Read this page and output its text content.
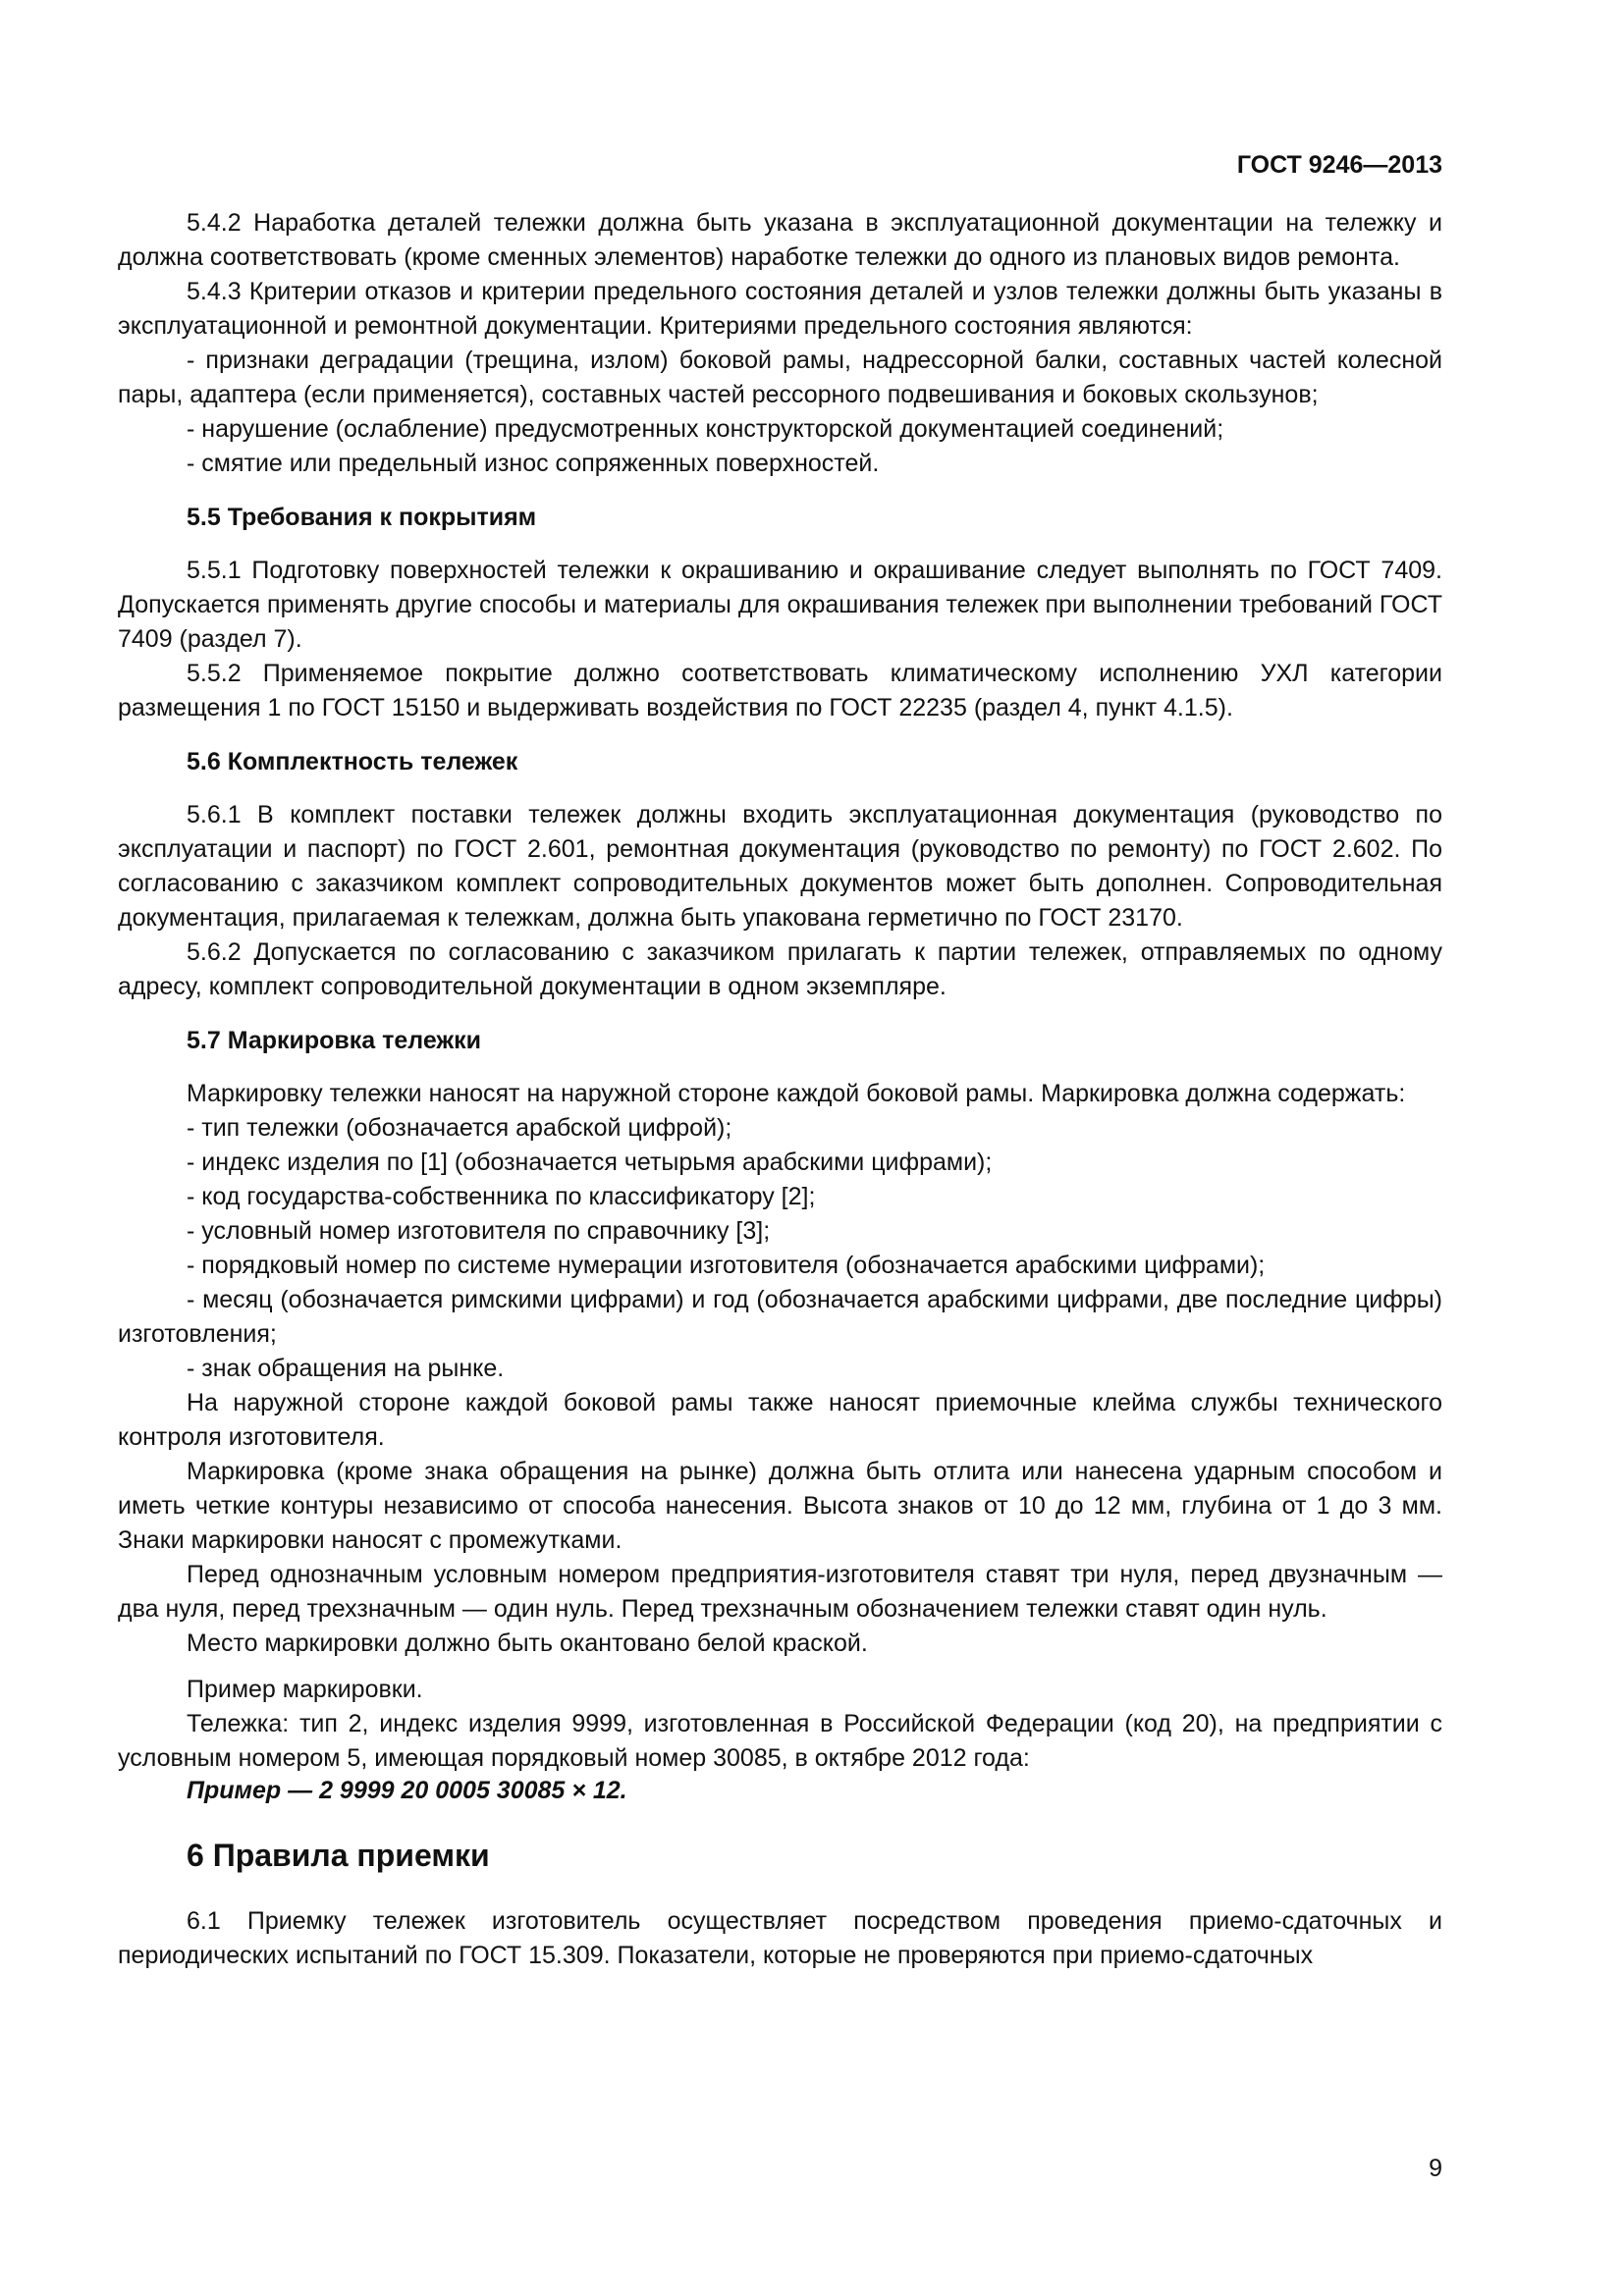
ГОСТ 9246—2013

5.4.2 Наработка деталей тележки должна быть указана в эксплуатационной документации на тележку и должна соответствовать (кроме сменных элементов) наработке тележки до одного из плановых видов ремонта.

5.4.3 Критерии отказов и критерии предельного состояния деталей и узлов тележки должны быть указаны в эксплуатационной и ремонтной документации. Критериями предельного состояния являются:

- признаки деградации (трещина, излом) боковой рамы, надрессорной балки, составных частей колесной пары, адаптера (если применяется), составных частей рессорного подвешивания и боковых скользунов;

- нарушение (ослабление) предусмотренных конструкторской документацией соединений;

- смятие или предельный износ сопряженных поверхностей.

5.5 Требования к покрытиям

5.5.1 Подготовку поверхностей тележки к окрашиванию и окрашивание следует выполнять по ГОСТ 7409. Допускается применять другие способы и материалы для окрашивания тележек при выполнении требований ГОСТ 7409 (раздел 7).

5.5.2 Применяемое покрытие должно соответствовать климатическому исполнению УХЛ категории размещения 1 по ГОСТ 15150 и выдерживать воздействия по ГОСТ 22235 (раздел 4, пункт 4.1.5).

5.6 Комплектность тележек

5.6.1 В комплект поставки тележек должны входить эксплуатационная документация (руководство по эксплуатации и паспорт) по ГОСТ 2.601, ремонтная документация (руководство по ремонту) по ГОСТ 2.602. По согласованию с заказчиком комплект сопроводительных документов может быть дополнен. Сопроводительная документация, прилагаемая к тележкам, должна быть упакована герметично по ГОСТ 23170.

5.6.2 Допускается по согласованию с заказчиком прилагать к партии тележек, отправляемых по одному адресу, комплект сопроводительной документации в одном экземпляре.

5.7 Маркировка тележки

Маркировку тележки наносят на наружной стороне каждой боковой рамы. Маркировка должна содержать:

- тип тележки (обозначается арабской цифрой);

- индекс изделия по [1] (обозначается четырьмя арабскими цифрами);

- код государства-собственника по классификатору [2];

- условный номер изготовителя по справочнику [3];

- порядковый номер по системе нумерации изготовителя (обозначается арабскими цифрами);

- месяц (обозначается римскими цифрами) и год (обозначается арабскими цифрами, две последние цифры) изготовления;

- знак обращения на рынке.

На наружной стороне каждой боковой рамы также наносят приемочные клейма службы технического контроля изготовителя.

Маркировка (кроме знака обращения на рынке) должна быть отлита или нанесена ударным способом и иметь четкие контуры независимо от способа нанесения. Высота знаков от 10 до 12 мм, глубина от 1 до 3 мм. Знаки маркировки наносят с промежутками.

Перед однозначным условным номером предприятия-изготовителя ставят три нуля, перед двузначным — два нуля, перед трехзначным — один нуль. Перед трехзначным обозначением тележки ставят один нуль.

Место маркировки должно быть окантовано белой краской.

Пример маркировки.

Тележка: тип 2, индекс изделия 9999, изготовленная в Российской Федерации (код 20), на предприятии с условным номером 5, имеющая порядковый номер 30085, в октябре 2012 года:

Пример — 2 9999 20 0005 30085 × 12.
6 Правила приемки

6.1 Приемку тележек изготовитель осуществляет посредством проведения приемо-сдаточных и периодических испытаний по ГОСТ 15.309. Показатели, которые не проверяются при приемо-сдаточных

9
